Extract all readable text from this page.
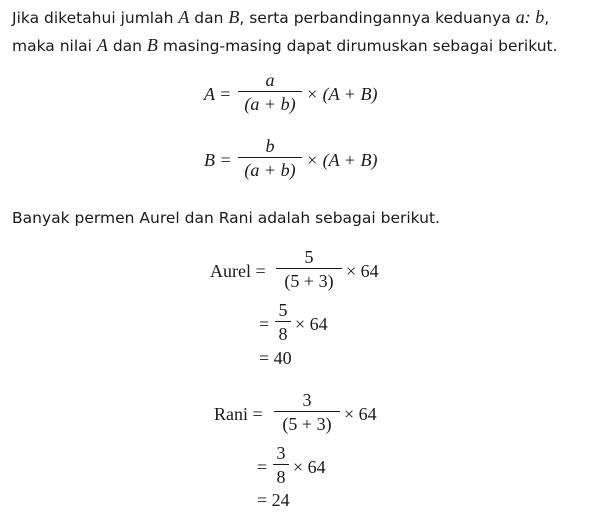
Jika diketahui jumlah A dan B, serta perbandingannya keduanya a: b,
maka nilai A dan B masing-masing dapat dirumuskan sebagai berikut.
A =
a
(a + b) × (A + B)
B =
b
(a + b) × (A + B)
Banyak permen Aurel dan Rani adalah sebagai berikut.
Aurel =
5
(5 + 3) × 64
=
5
8 × 64
= 40
Rani =
3
(5 + 3) × 64
=
3
8 × 64
= 24
